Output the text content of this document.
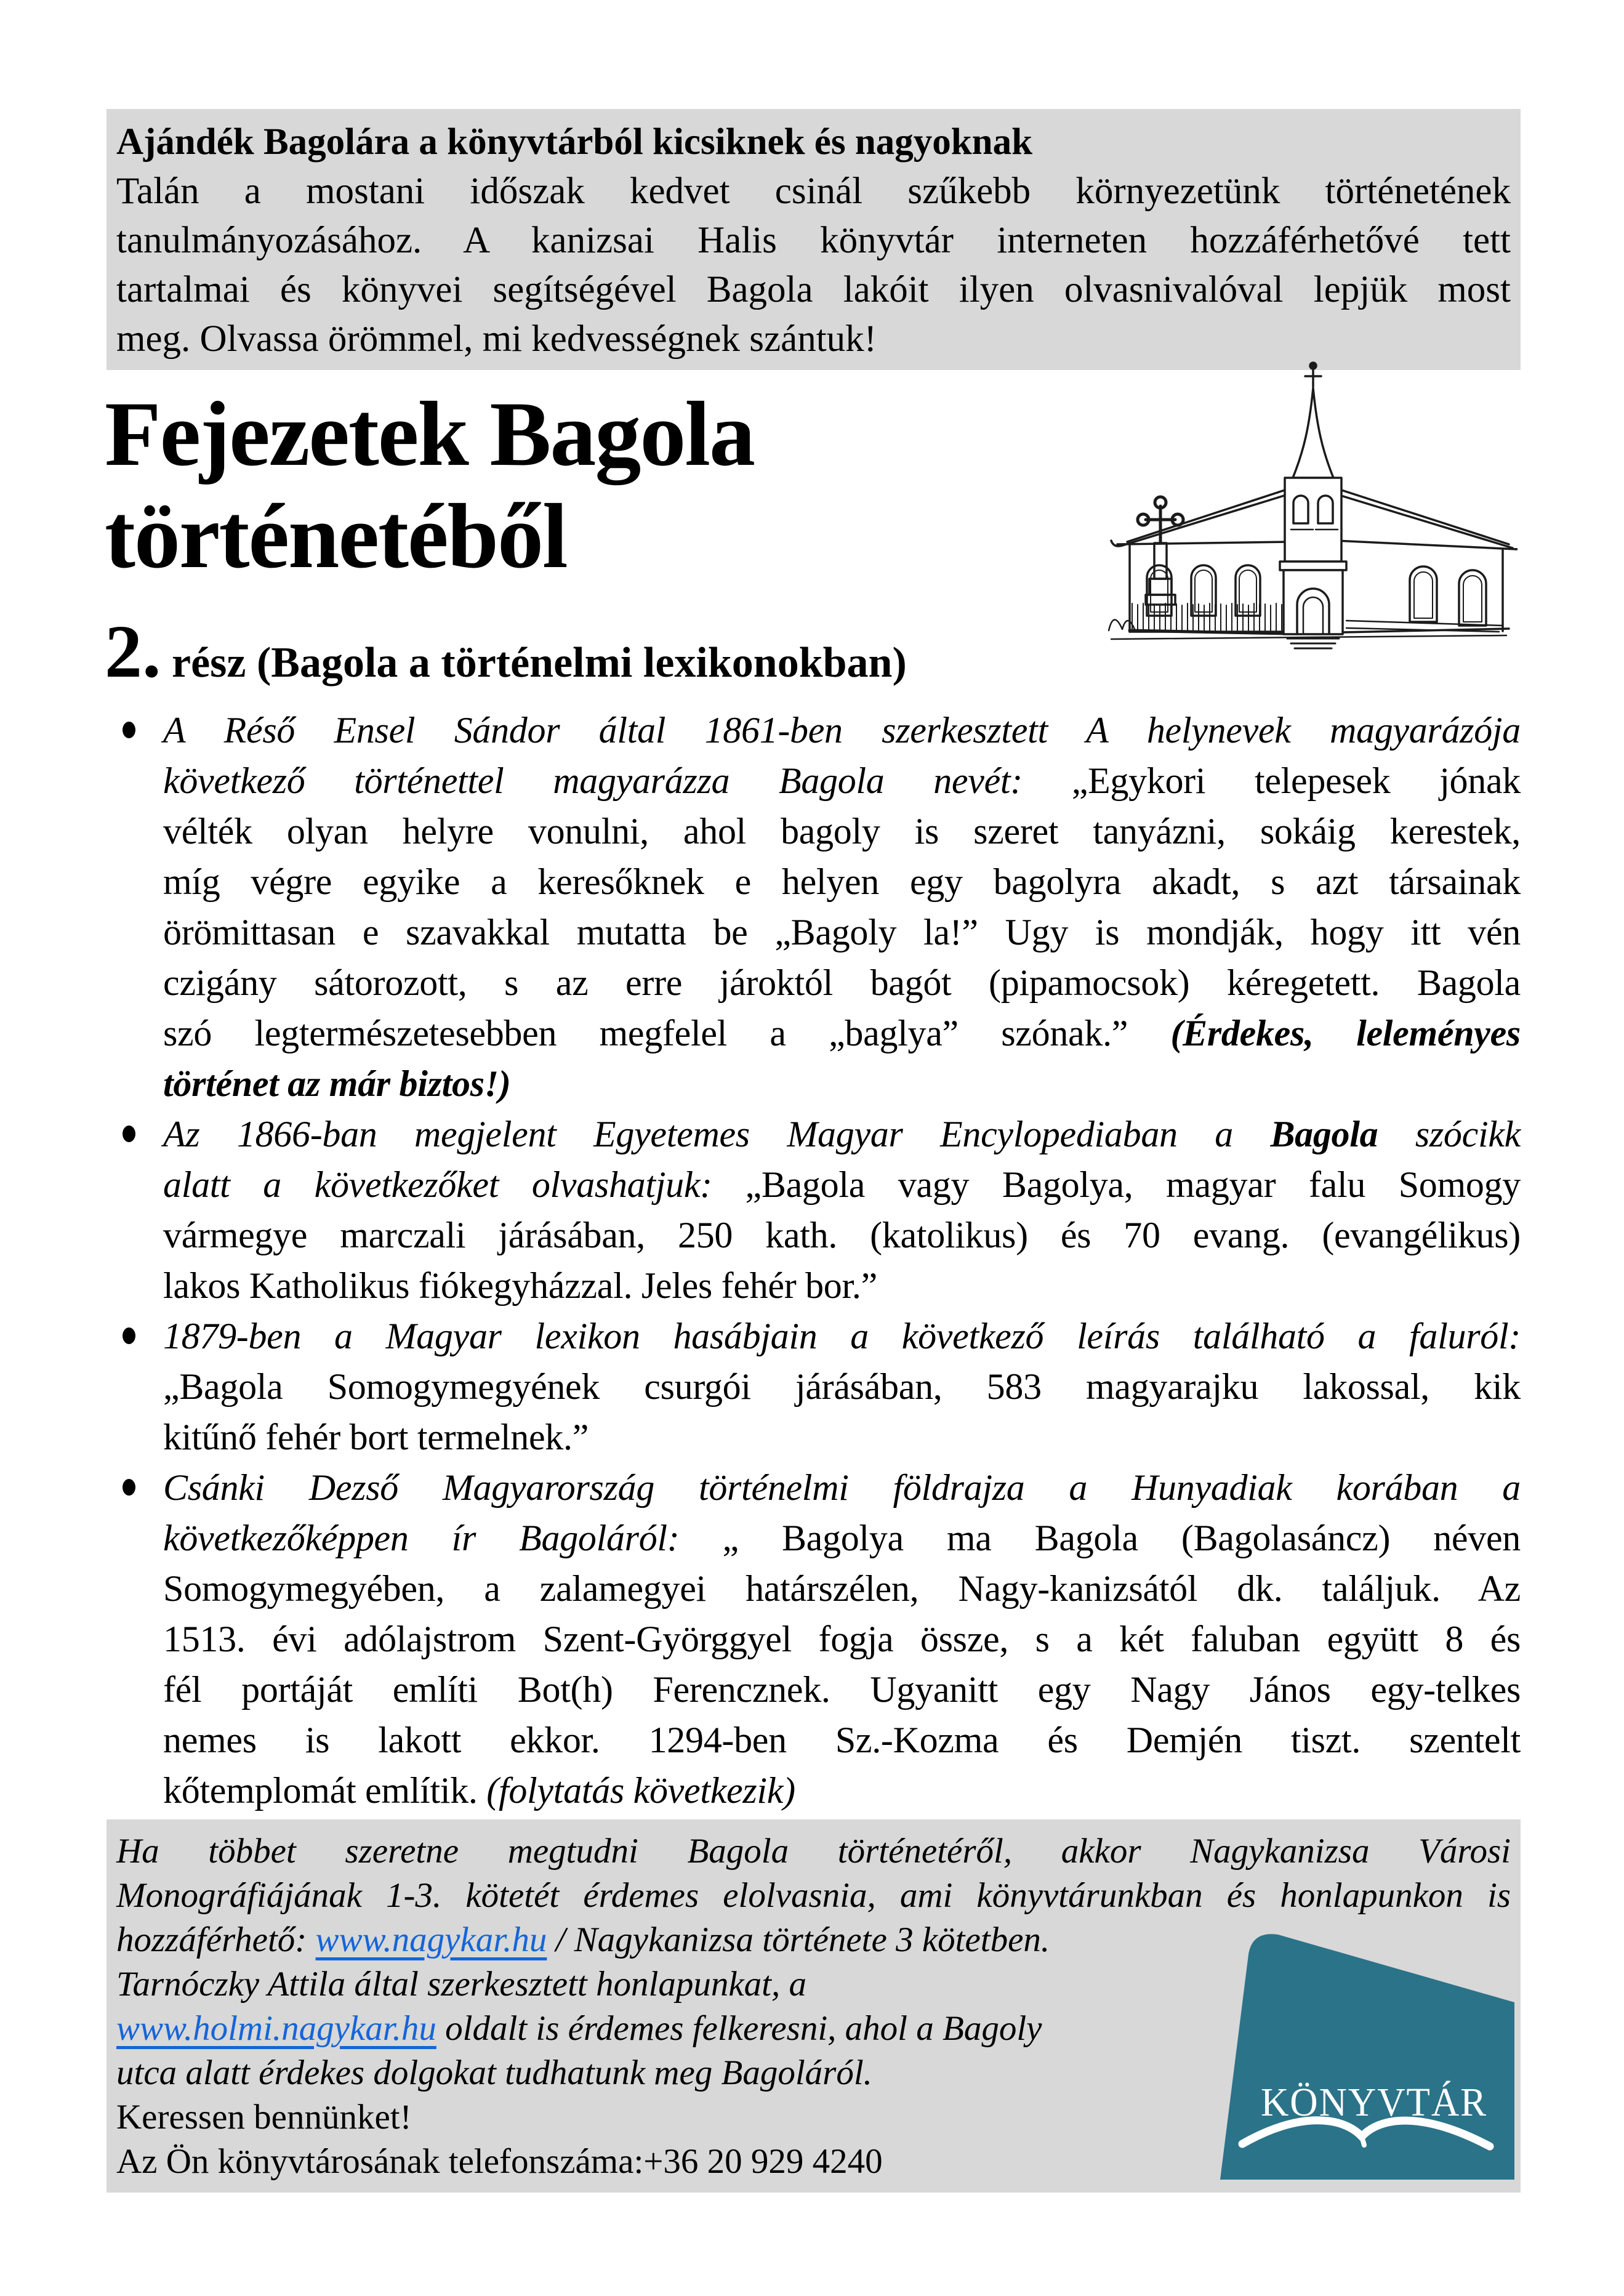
Ajándék Bagolára a könyvtárból kicsiknek és nagyoknak
Talán a mostani időszak kedvet csinál szűkebb környezetünk történetének
tanulmányozásához. A kanizsai Halis könyvtár interneten hozzáférhetővé tett
tartalmai és könyvei segítségével Bagola lakóit ilyen olvasnivalóval lepjük most
meg. Olvassa örömmel, mi kedvességnek szántuk!
Fejezetek Bagola
történetéből
2. rész (Bagola a történelmi lexikonokban)
A Réső Ensel Sándor által 1861-ben szerkesztett A helynevek magyarázója
következő történettel magyarázza Bagola nevét: „Egykori telepesek jónak
vélték olyan helyre vonulni, ahol bagoly is szeret tanyázni, sokáig kerestek,
míg végre egyike a keresőknek e helyen egy bagolyra akadt, s azt társainak
örömittasan e szavakkal mutatta be „Bagoly la!” Ugy is mondják, hogy itt vén
czigány sátorozott, s az erre jároktól bagót (pipamocsok) kéregetett. Bagola
szó legtermészetesebben megfelel a „baglya” szónak.” (Érdekes, leleményes
történet az már biztos!)
Az 1866-ban megjelent Egyetemes Magyar Encylopediaban a Bagola szócikk
alatt a következőket olvashatjuk: „Bagola vagy Bagolya, magyar falu Somogy
vármegye marczali járásában, 250 kath. (katolikus) és 70 evang. (evangélikus)
lakos Katholikus fiókegyházzal. Jeles fehér bor.”
1879-ben a Magyar lexikon hasábjain a következő leírás található a faluról:
„Bagola Somogymegyének csurgói járásában, 583 magyarajku lakossal, kik
kitűnő fehér bort termelnek.”
Csánki Dezső Magyarország történelmi földrajza a Hunyadiak korában a
következőképpen ír Bagoláról: „ Bagolya ma Bagola (Bagolasáncz) néven
Somogymegyében, a zalamegyei határszélen, Nagy-kanizsától dk. találjuk. Az
1513. évi adólajstrom Szent-Györggyel fogja össze, s a két faluban együtt 8 és
fél portáját említi Bot(h) Ferencznek. Ugyanitt egy Nagy János egy-telkes
nemes is lakott ekkor. 1294-ben Sz.-Kozma és Demjén tiszt. szentelt
kőtemplomát említik. (folytatás következik)
Ha többet szeretne megtudni Bagola történetéről, akkor Nagykanizsa Városi
Monográfiájának 1-3. kötetét érdemes elolvasnia, ami könyvtárunkban és honlapunkon is
hozzáférhető: www.nagykar.hu / Nagykanizsa története 3 kötetben.
Tarnóczky Attila által szerkesztett honlapunkat, a
www.holmi.nagykar.hu oldalt is érdemes felkeresni, ahol a Bagoly
utca alatt érdekes dolgokat tudhatunk meg Bagoláról.
Keressen bennünket!
Az Ön könyvtárosának telefonszáma:+36 20 929 4240
KÖNYVTÁR
